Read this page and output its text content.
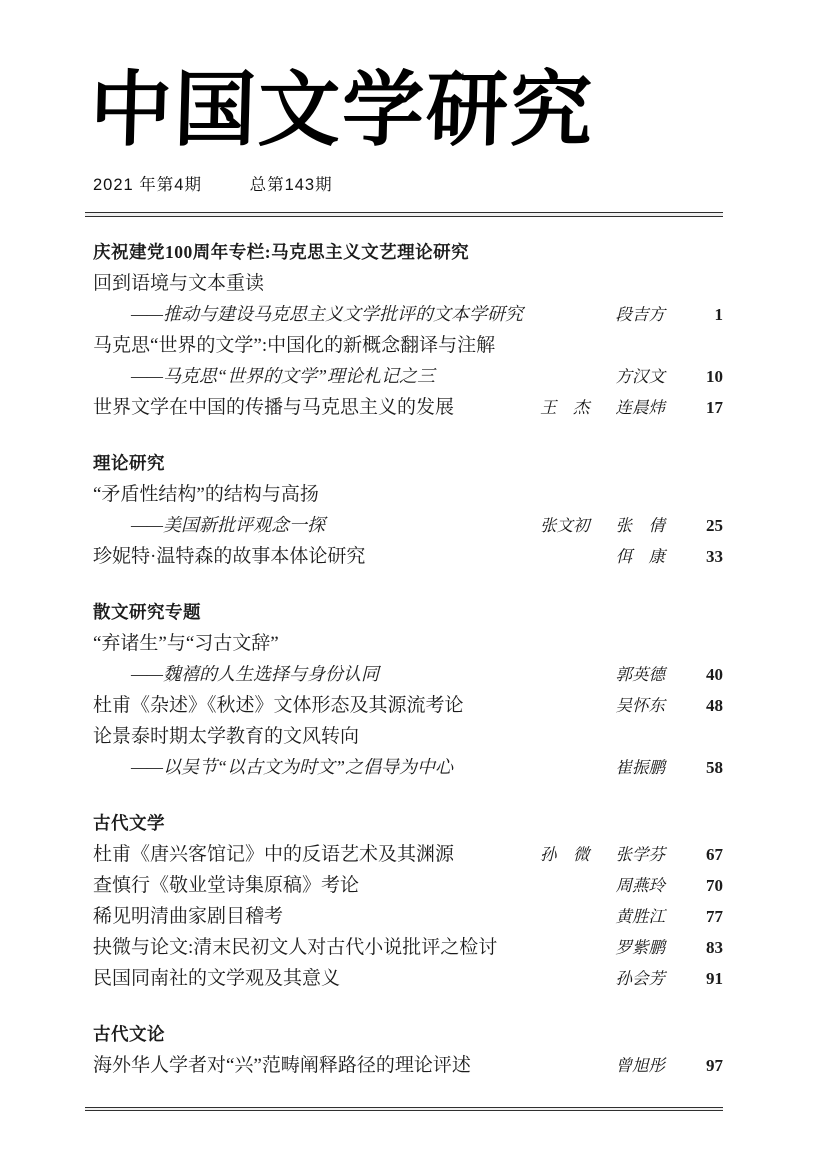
中国文学研究
2021 年第4期	总第143期
庆祝建党100周年专栏:马克思主义文艺理论研究
回到语境与文本重读
——推动与建设马克思主义文学批评的文本学研究	段吉方	1
马克思“世界的文学”:中国化的新概念翻译与注解
——马克思“世界的文学”理论札记之三	方汉文	10
世界文学在中国的传播与马克思主义的发展	王　杰 连晨炜	17
理论研究
“矛盾性结构”的结构与高扬
——美国新批评观念一探	张文初 张　倩	25
珍妮特·温特森的故事本体论研究	佴　康	33
散文研究专题
“弃诸生”与“习古文辞”
——魏禧的人生选择与身份认同	郭英德	40
杜甫《杂述》《秋述》文体形态及其源流考论	吴怀东	48
论景泰时期太学教育的文风转向
——以吴节“以古文为时文”之倡导为中心	崔振鹏	58
古代文学
杜甫《唐兴客馆记》中的反语艺术及其渊源	孙　微 张学芬	67
查慎行《敬业堂诗集原稿》考论	周燕玲	70
稀见明清曲家剧目稽考	黄胜江	77
抉微与论文:清末民初文人对古代小说批评之检讨	罗紫鹏	83
民国同南社的文学观及其意义	孙会芳	91
古代文论
海外华人学者对“兴”范畴阐释路径的理论评述	曾旭彤	97
